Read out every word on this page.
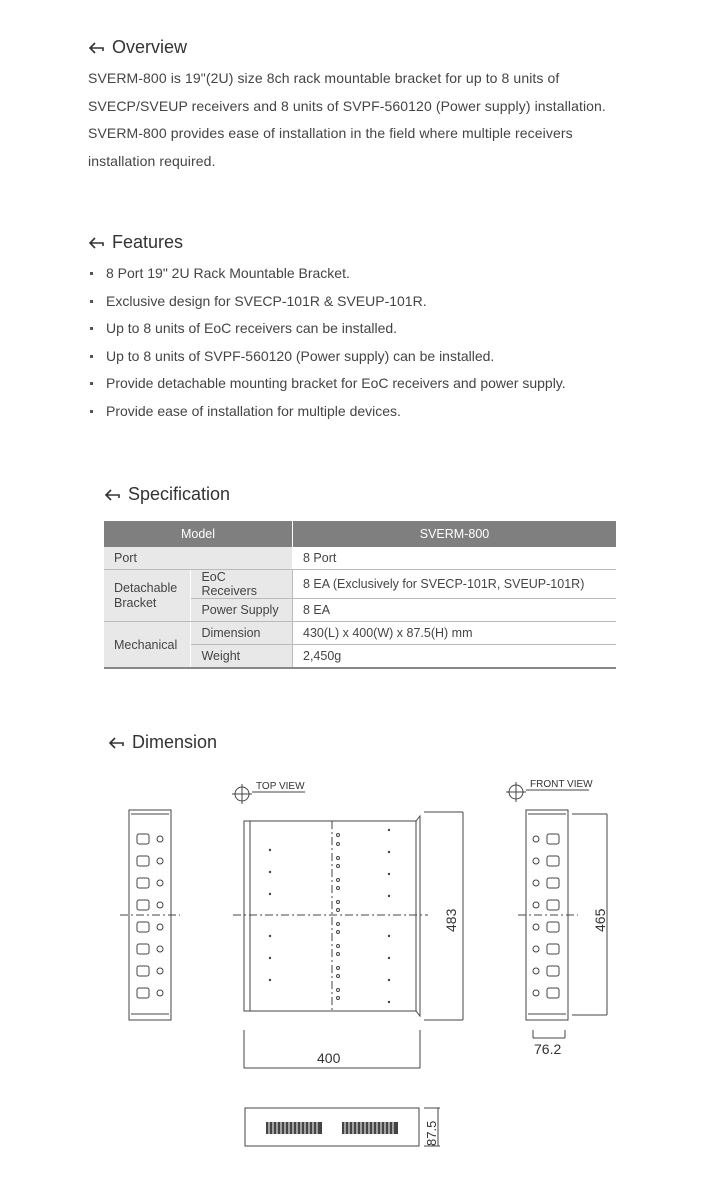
Overview
SVERM-800 is 19"(2U) size 8ch rack mountable bracket for up to 8 units of
SVECP/SVEUP receivers and 8 units of SVPF-560120 (Power supply) installation.
SVERM-800 provides ease of installation in the field where multiple receivers
installation required.
Features
8 Port 19" 2U Rack Mountable Bracket.
Exclusive design for SVECP-101R & SVEUP-101R.
Up to 8 units of EoC receivers can be installed.
Up to 8 units of SVPF-560120 (Power supply) can be installed.
Provide detachable mounting bracket for EoC receivers and power supply.
Provide ease of installation for multiple devices.
Specification
Model		SVERM-800
Port		8 Port
Detachable Bracket	EoC Receivers	8 EA (Exclusively for SVECP-101R, SVEUP-101R)
	Power Supply	8 EA
Mechanical	Dimension	430(L) x 400(W) x 87.5(H) mm
	Weight	2,450g
Dimension
TOP VIEW	FRONT VIEW
400
76.2
483	465
87.5
